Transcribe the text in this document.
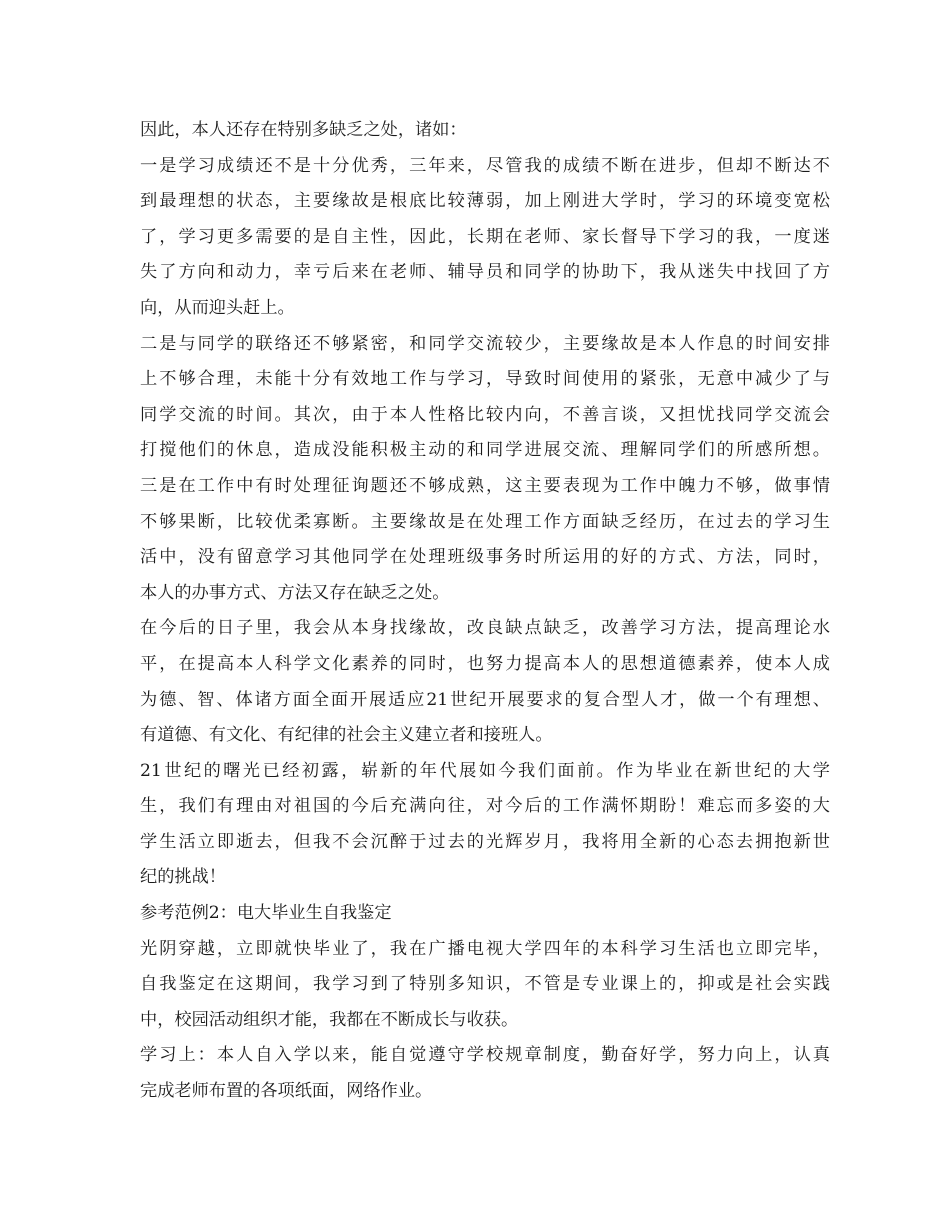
因此，本人还存在特别多缺乏之处，诸如：
一是学习成绩还不是十分优秀，三年来，尽管我的成绩不断在进步，但却不断达不
到最理想的状态，主要缘故是根底比较薄弱，加上刚进大学时，学习的环境变宽松
了，学习更多需要的是自主性，因此，长期在老师、家长督导下学习的我，一度迷
失了方向和动力，幸亏后来在老师、辅导员和同学的协助下，我从迷失中找回了方
向，从而迎头赶上。
二是与同学的联络还不够紧密，和同学交流较少，主要缘故是本人作息的时间安排
上不够合理，未能十分有效地工作与学习，导致时间使用的紧张，无意中减少了与
同学交流的时间。其次，由于本人性格比较内向，不善言谈，又担忧找同学交流会
打搅他们的休息，造成没能积极主动的和同学进展交流、理解同学们的所感所想。
三是在工作中有时处理征询题还不够成熟，这主要表现为工作中魄力不够，做事情
不够果断，比较优柔寡断。主要缘故是在处理工作方面缺乏经历，在过去的学习生
活中，没有留意学习其他同学在处理班级事务时所运用的好的方式、方法，同时，
本人的办事方式、方法又存在缺乏之处。
在今后的日子里，我会从本身找缘故，改良缺点缺乏，改善学习方法，提高理论水
平，在提高本人科学文化素养的同时，也努力提高本人的思想道德素养，使本人成
为德、智、体诸方面全面开展适应21世纪开展要求的复合型人才，做一个有理想、
有道德、有文化、有纪律的社会主义建立者和接班人。
21世纪的曙光已经初露，崭新的年代展如今我们面前。作为毕业在新世纪的大学
生，我们有理由对祖国的今后充满向往，对今后的工作满怀期盼！难忘而多姿的大
学生活立即逝去，但我不会沉醉于过去的光辉岁月，我将用全新的心态去拥抱新世
纪的挑战！
参考范例2：电大毕业生自我鉴定
光阴穿越，立即就快毕业了，我在广播电视大学四年的本科学习生活也立即完毕，
自我鉴定在这期间，我学习到了特别多知识，不管是专业课上的，抑或是社会实践
中，校园活动组织才能，我都在不断成长与收获。
学习上：本人自入学以来，能自觉遵守学校规章制度，勤奋好学，努力向上，认真
完成老师布置的各项纸面，网络作业。
